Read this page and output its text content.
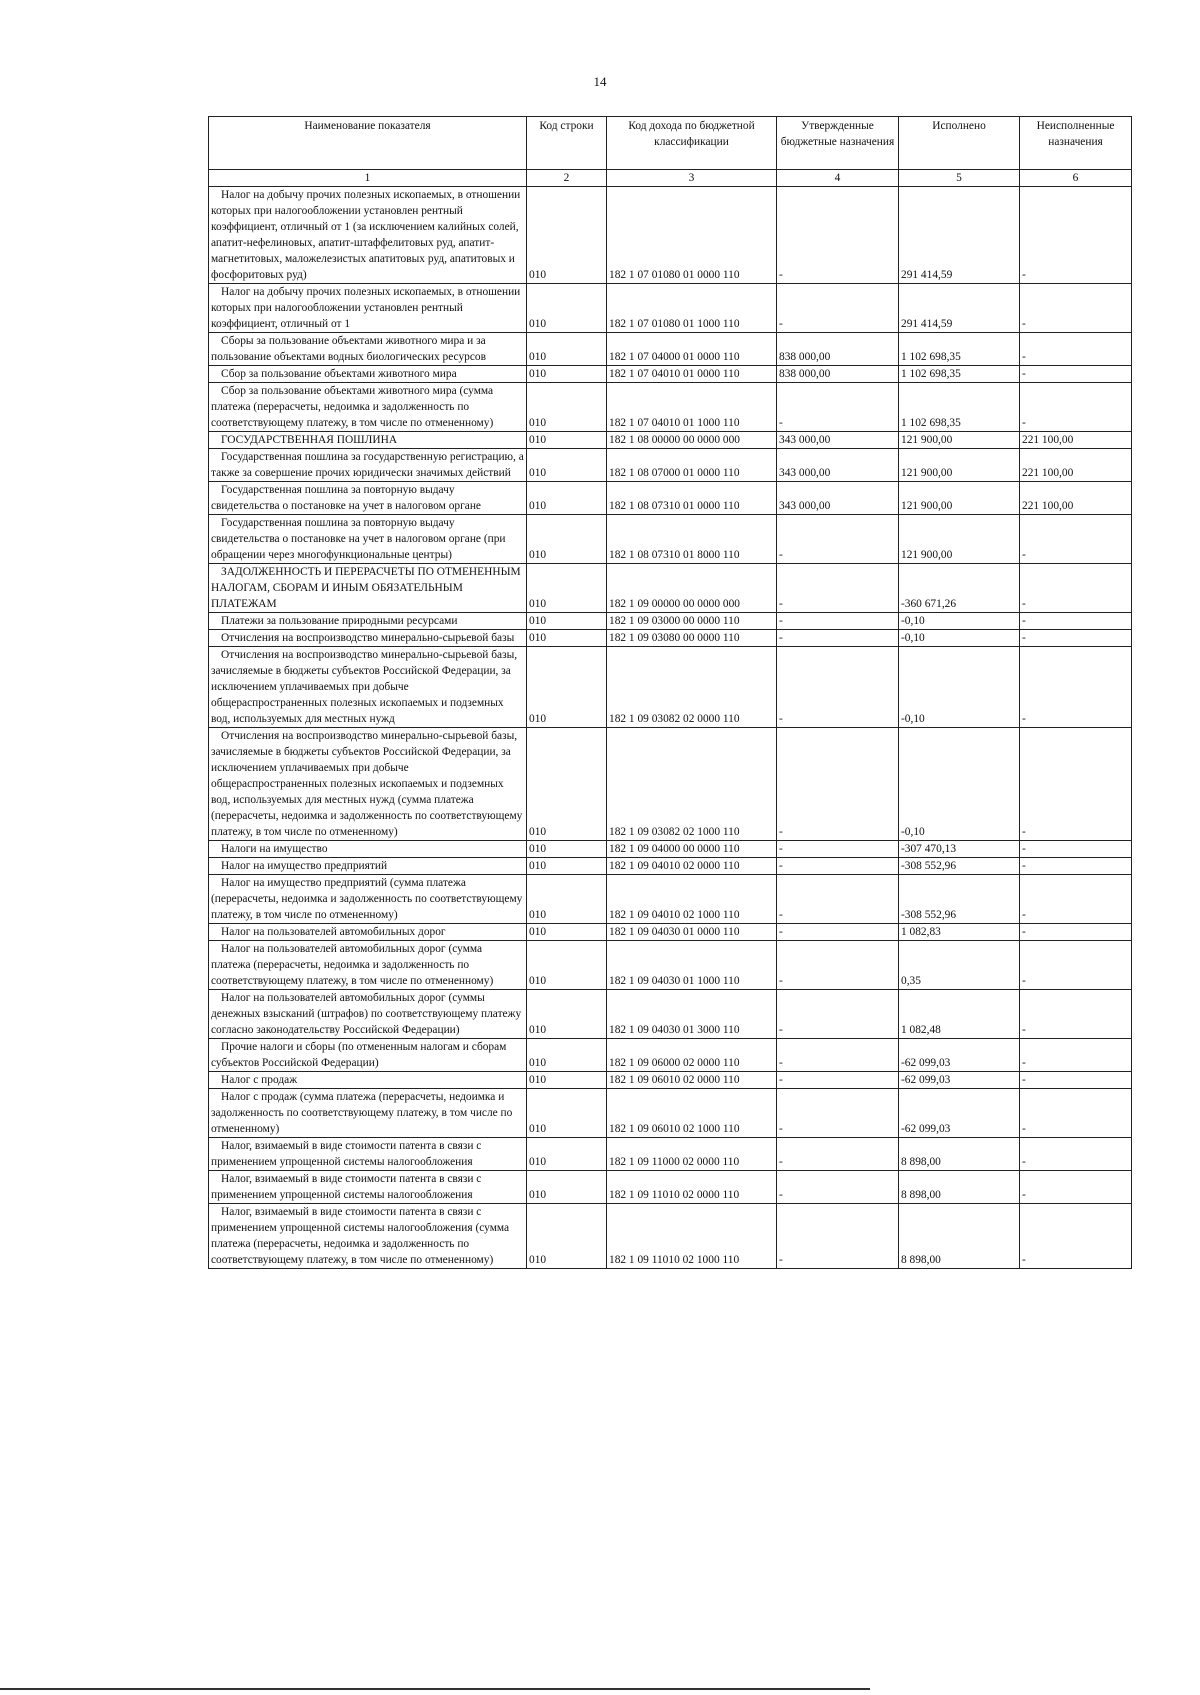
14
Наименование показателя	Код строки	Код дохода по бюджетной классификации	Утвержденные бюджетные назначения	Исполнено	Неисполненные назначения
1	2	3	4	5	6
Налог на добычу прочих полезных ископаемых, в отношении которых при налогообложении установлен рентный коэффициент, отличный от 1 (за исключением калийных солей, апатит-нефелиновых, апатит-штаффелитовых руд, апатит-магнетитовых, маложелезистых апатитовых руд, апатитовых и фосфоритовых руд)	010	182 1 07 01080 01 0000 110	-	291 414,59	-
Налог на добычу прочих полезных ископаемых, в отношении которых при налогообложении установлен рентный коэффициент, отличный от 1	010	182 1 07 01080 01 1000 110	-	291 414,59	-
Сборы за пользование объектами животного мира и за пользование объектами водных биологических ресурсов	010	182 1 07 04000 01 0000 110	838 000,00	1 102 698,35	-
Сбор за пользование объектами животного мира	010	182 1 07 04010 01 0000 110	838 000,00	1 102 698,35	-
Сбор за пользование объектами животного мира (сумма платежа (перерасчеты, недоимка и задолженность по соответствующему платежу, в том числе по отмененному)	010	182 1 07 04010 01 1000 110	-	1 102 698,35	-
ГОСУДАРСТВЕННАЯ ПОШЛИНА	010	182 1 08 00000 00 0000 000	343 000,00	121 900,00	221 100,00
Государственная пошлина за государственную регистрацию, а также за совершение прочих юридически значимых действий	010	182 1 08 07000 01 0000 110	343 000,00	121 900,00	221 100,00
Государственная пошлина за повторную выдачу свидетельства о постановке на учет в налоговом органе	010	182 1 08 07310 01 0000 110	343 000,00	121 900,00	221 100,00
Государственная пошлина за повторную выдачу свидетельства о постановке на учет в налоговом органе (при обращении через многофункциональные центры)	010	182 1 08 07310 01 8000 110	-	121 900,00	-
ЗАДОЛЖЕННОСТЬ И ПЕРЕРАСЧЕТЫ ПО ОТМЕНЕННЫМ НАЛОГАМ, СБОРАМ И ИНЫМ ОБЯЗАТЕЛЬНЫМ ПЛАТЕЖАМ	010	182 1 09 00000 00 0000 000	-	-360 671,26	-
Платежи за пользование природными ресурсами	010	182 1 09 03000 00 0000 110	-	-0,10	-
Отчисления на воспроизводство минерально-сырьевой базы	010	182 1 09 03080 00 0000 110	-	-0,10	-
Отчисления на воспроизводство минерально-сырьевой базы, зачисляемые в бюджеты субъектов Российской Федерации, за исключением уплачиваемых при добыче общераспространенных полезных ископаемых и подземных вод, используемых для местных нужд	010	182 1 09 03082 02 0000 110	-	-0,10	-
Отчисления на воспроизводство минерально-сырьевой базы, зачисляемые в бюджеты субъектов Российской Федерации, за исключением уплачиваемых при добыче общераспространенных полезных ископаемых и подземных вод, используемых для местных нужд (сумма платежа (перерасчеты, недоимка и задолженность по соответствующему платежу, в том числе по отмененному)	010	182 1 09 03082 02 1000 110	-	-0,10	-
Налоги на имущество	010	182 1 09 04000 00 0000 110	-	-307 470,13	-
Налог на имущество предприятий	010	182 1 09 04010 02 0000 110	-	-308 552,96	-
Налог на имущество предприятий (сумма платежа (перерасчеты, недоимка и задолженность по соответствующему платежу, в том числе по отмененному)	010	182 1 09 04010 02 1000 110	-	-308 552,96	-
Налог на пользователей автомобильных дорог	010	182 1 09 04030 01 0000 110	-	1 082,83	-
Налог на пользователей автомобильных дорог (сумма платежа (перерасчеты, недоимка и задолженность по соответствующему платежу, в том числе по отмененному)	010	182 1 09 04030 01 1000 110	-	0,35	-
Налог на пользователей автомобильных дорог (суммы денежных взысканий (штрафов) по соответствующему платежу согласно законодательству Российской Федерации)	010	182 1 09 04030 01 3000 110	-	1 082,48	-
Прочие налоги и сборы (по отмененным налогам и сборам субъектов Российской Федерации)	010	182 1 09 06000 02 0000 110	-	-62 099,03	-
Налог с продаж	010	182 1 09 06010 02 0000 110	-	-62 099,03	-
Налог с продаж (сумма платежа (перерасчеты, недоимка и задолженность по соответствующему платежу, в том числе по отмененному)	010	182 1 09 06010 02 1000 110	-	-62 099,03	-
Налог, взимаемый в виде стоимости патента в связи с применением упрощенной системы налогообложения	010	182 1 09 11000 02 0000 110	-	8 898,00	-
Налог, взимаемый в виде стоимости патента в связи с применением упрощенной системы налогообложения	010	182 1 09 11010 02 0000 110	-	8 898,00	-
Налог, взимаемый в виде стоимости патента в связи с применением упрощенной системы налогообложения (сумма платежа (перерасчеты, недоимка и задолженность по соответствующему платежу, в том числе по отмененному)	010	182 1 09 11010 02 1000 110	-	8 898,00	-
